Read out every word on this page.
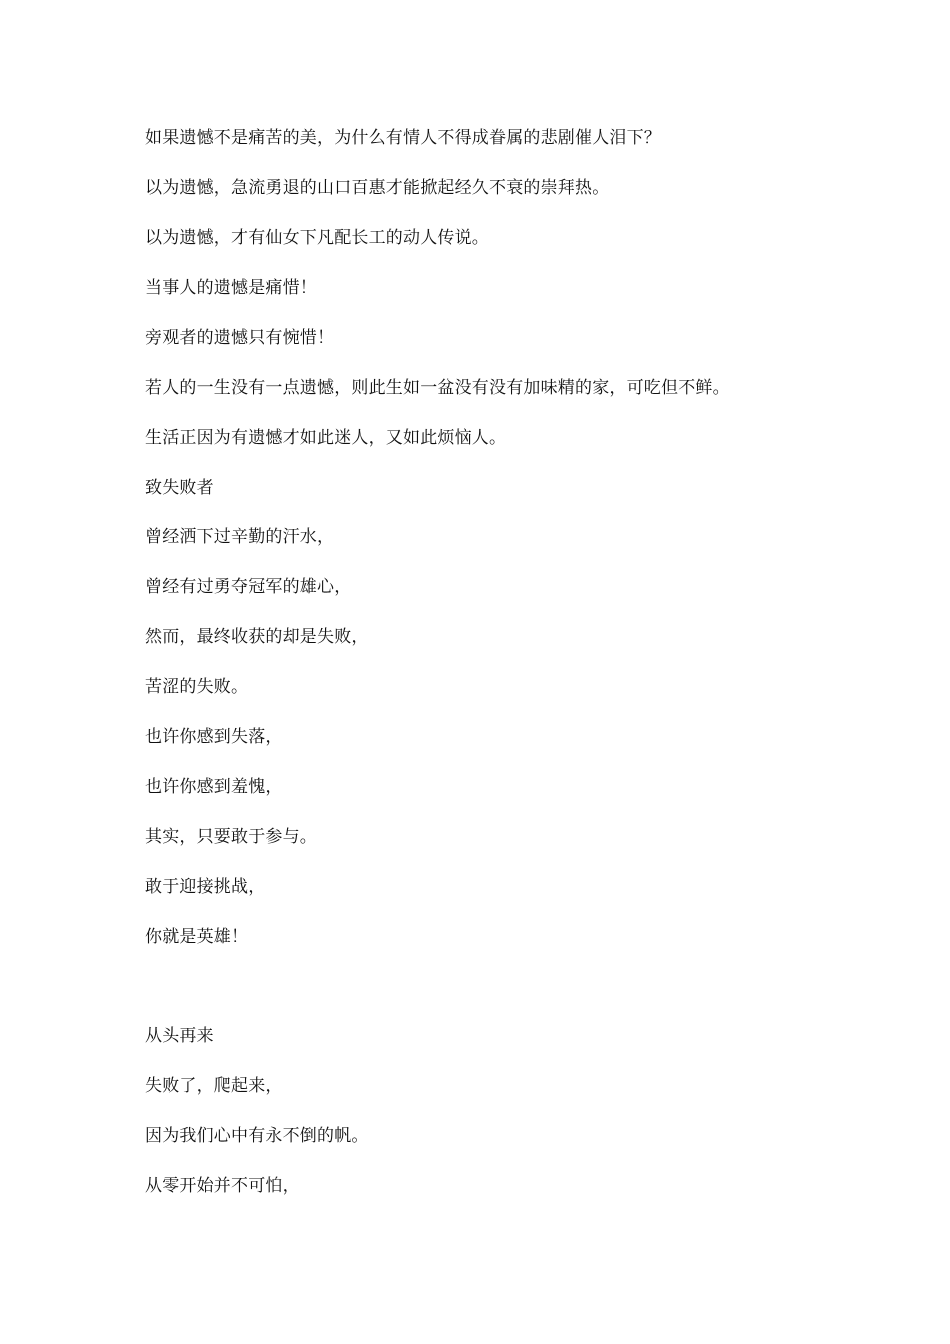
如果遗憾不是痛苦的美，为什么有情人不得成眷属的悲剧催人泪下？
以为遗憾，急流勇退的山口百惠才能掀起经久不衰的崇拜热。
以为遗憾，才有仙女下凡配长工的动人传说。
当事人的遗憾是痛惜！
旁观者的遗憾只有惋惜！
若人的一生没有一点遗憾，则此生如一盆没有没有加味精的家，可吃但不鲜。
生活正因为有遗憾才如此迷人，又如此烦恼人。
致失败者
曾经洒下过辛勤的汗水，
曾经有过勇夺冠军的雄心，
然而，最终收获的却是失败，
苦涩的失败。
也许你感到失落，
也许你感到羞愧，
其实，只要敢于参与。
敢于迎接挑战，
你就是英雄！
从头再来
失败了，爬起来，
因为我们心中有永不倒的帆。
从零开始并不可怕，
